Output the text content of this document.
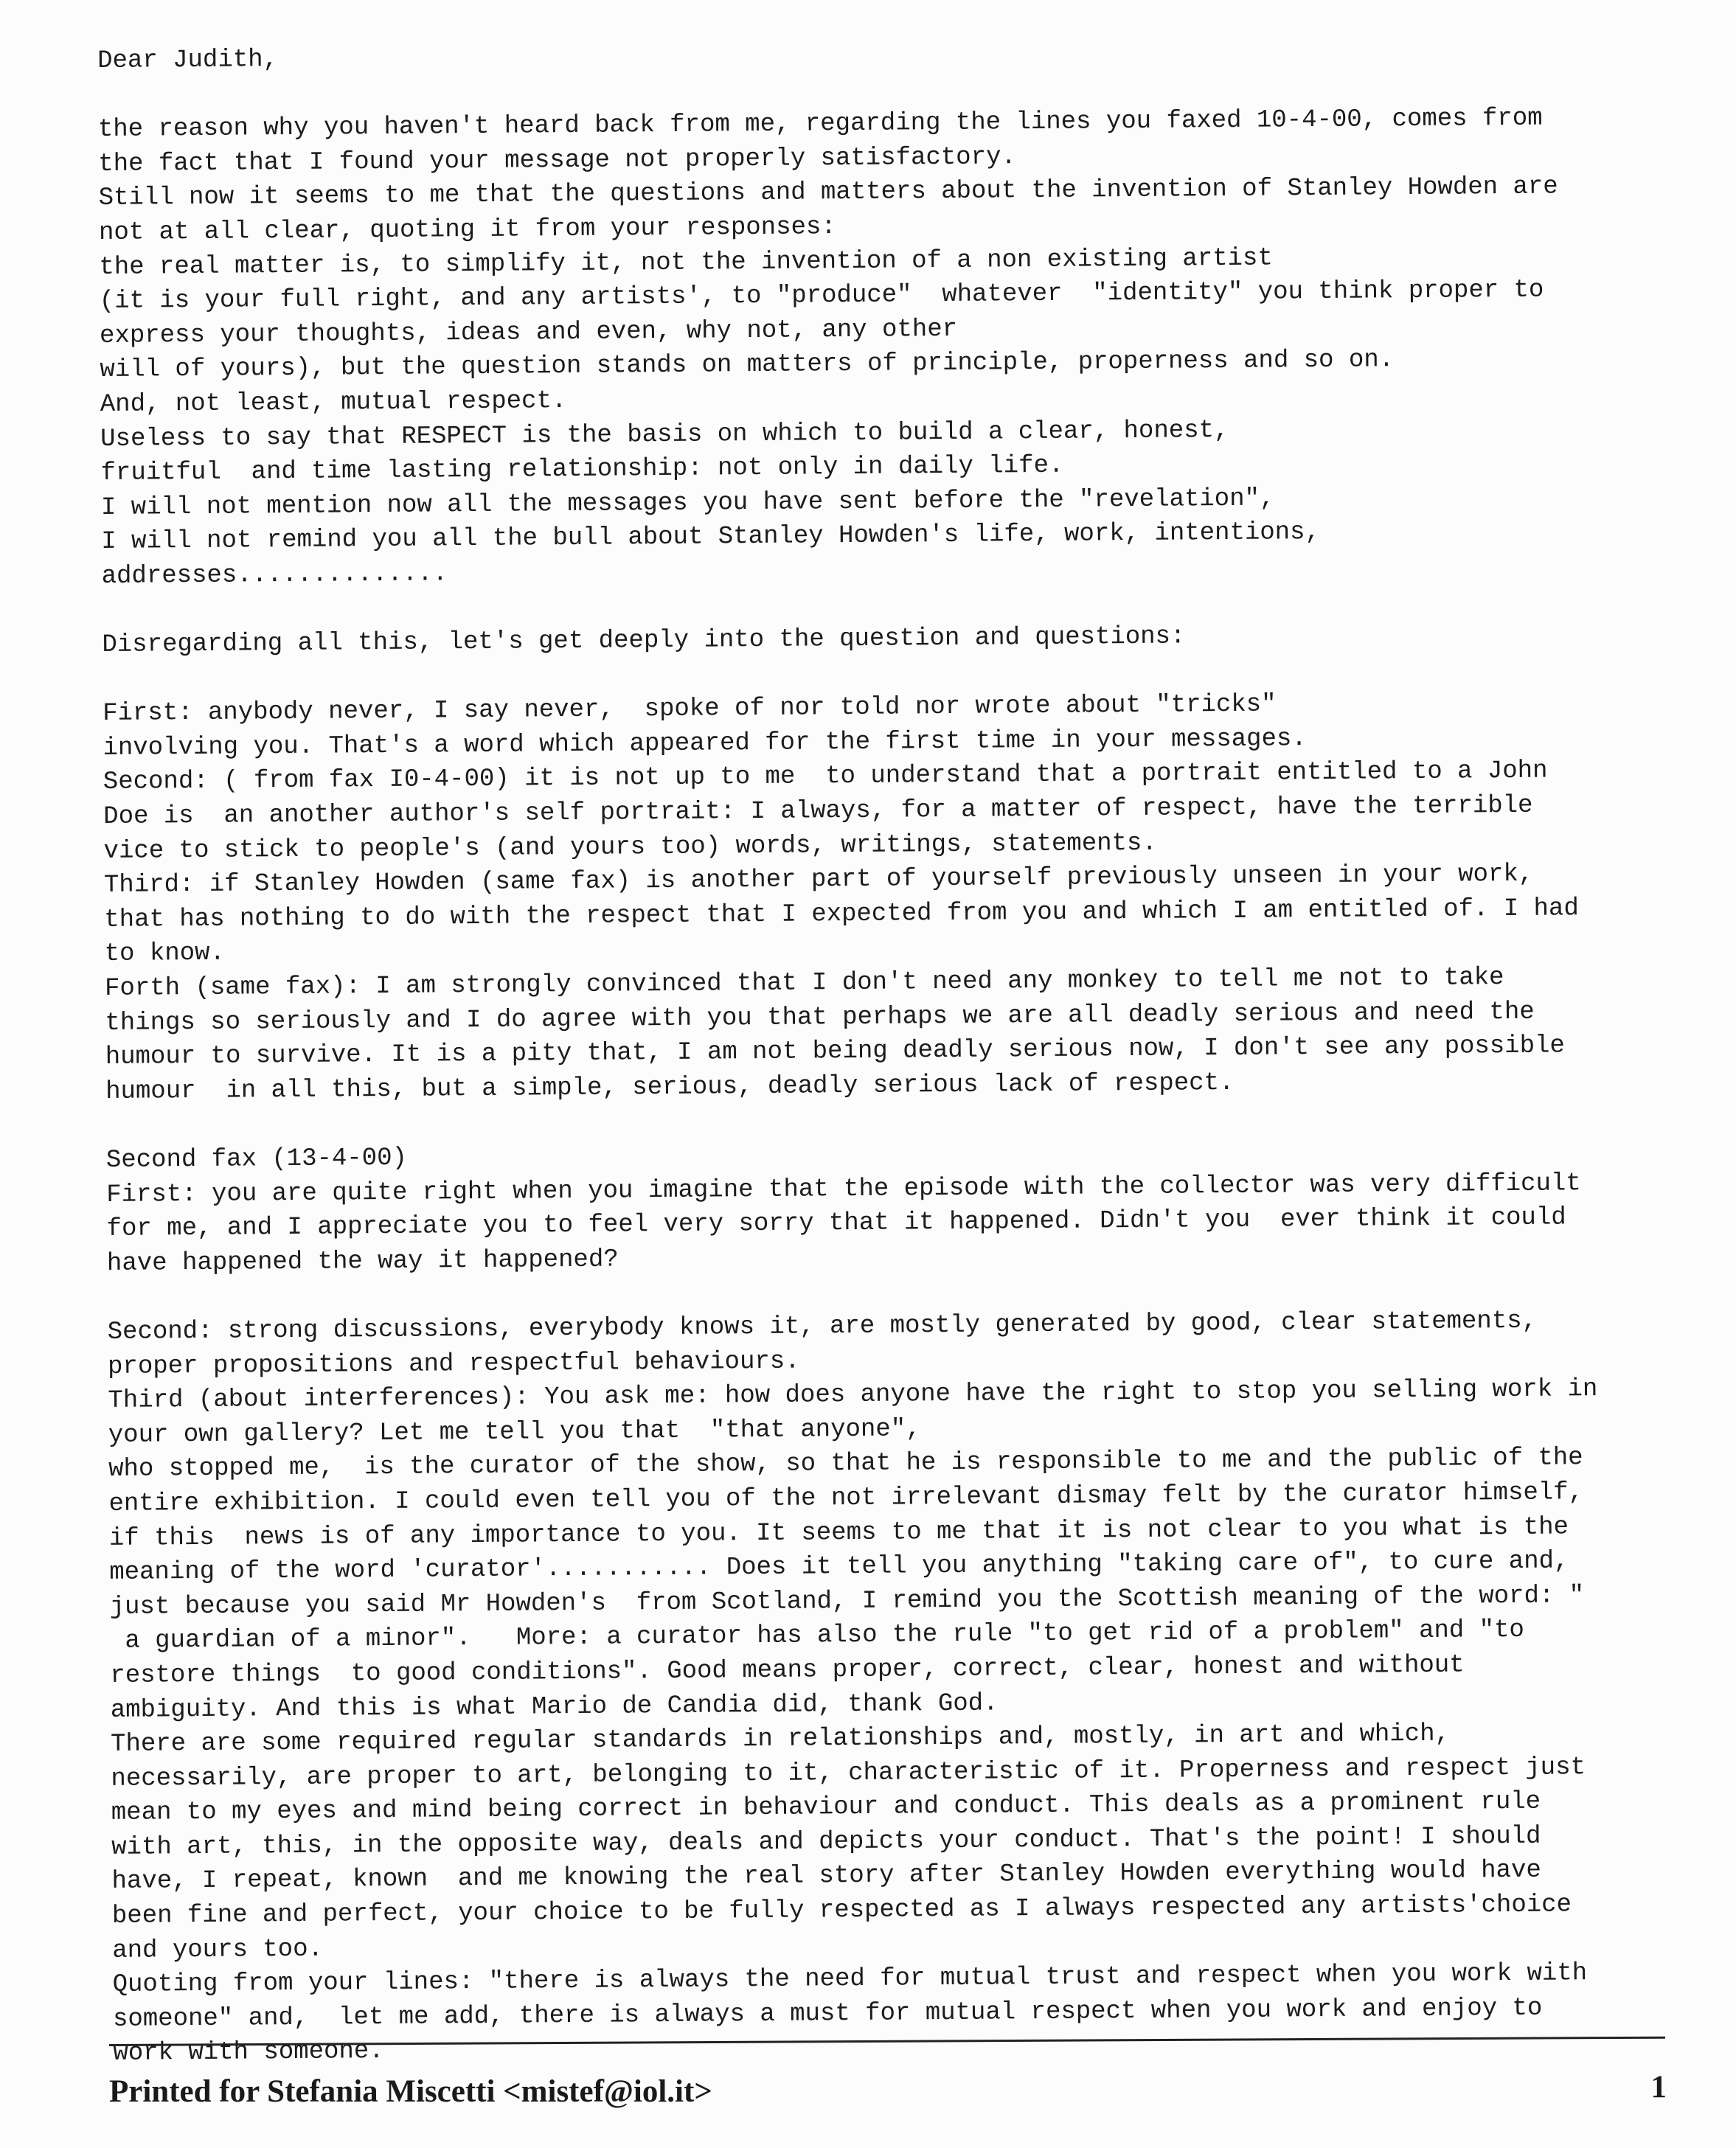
Dear Judith,
the reason why you haven't heard back from me, regarding the lines you faxed 10-4-00, comes from
the fact that I found your message not properly satisfactory.
Still now it seems to me that the questions and matters about the invention of Stanley Howden are
not at all clear, quoting it from your responses:
the real matter is, to simplify it, not the invention of a non existing artist
(it is your full right, and any artists', to "produce"  whatever  "identity" you think proper to
express your thoughts, ideas and even, why not, any other
will of yours), but the question stands on matters of principle, properness and so on.
And, not least, mutual respect.
Useless to say that RESPECT is the basis on which to build a clear, honest,
fruitful  and time lasting relationship: not only in daily life.
I will not mention now all the messages you have sent before the "revelation",
I will not remind you all the bull about Stanley Howden's life, work, intentions,
addresses..............
Disregarding all this, let's get deeply into the question and questions:
First: anybody never, I say never,  spoke of nor told nor wrote about "tricks"
involving you. That's a word which appeared for the first time in your messages.
Second: ( from fax I0-4-00) it is not up to me  to understand that a portrait entitled to a John
Doe is  an another author's self portrait: I always, for a matter of respect, have the terrible
vice to stick to people's (and yours too) words, writings, statements.
Third: if Stanley Howden (same fax) is another part of yourself previously unseen in your work,
that has nothing to do with the respect that I expected from you and which I am entitled of. I had
to know.
Forth (same fax): I am strongly convinced that I don't need any monkey to tell me not to take
things so seriously and I do agree with you that perhaps we are all deadly serious and need the
humour to survive. It is a pity that, I am not being deadly serious now, I don't see any possible
humour  in all this, but a simple, serious, deadly serious lack of respect.
Second fax (13-4-00)
First: you are quite right when you imagine that the episode with the collector was very difficult
for me, and I appreciate you to feel very sorry that it happened. Didn't you  ever think it could
have happened the way it happened?
Second: strong discussions, everybody knows it, are mostly generated by good, clear statements,
proper propositions and respectful behaviours.
Third (about interferences): You ask me: how does anyone have the right to stop you selling work in
your own gallery? Let me tell you that  "that anyone",
who stopped me,  is the curator of the show, so that he is responsible to me and the public of the
entire exhibition. I could even tell you of the not irrelevant dismay felt by the curator himself,
if this  news is of any importance to you. It seems to me that it is not clear to you what is the
meaning of the word 'curator'........... Does it tell you anything "taking care of", to cure and,
just because you said Mr Howden's  from Scotland, I remind you the Scottish meaning of the word: "
a guardian of a minor".   More: a curator has also the rule "to get rid of a problem" and "to
restore things  to good conditions". Good means proper, correct, clear, honest and without
ambiguity. And this is what Mario de Candia did, thank God.
There are some required regular standards in relationships and, mostly, in art and which,
necessarily, are proper to art, belonging to it, characteristic of it. Properness and respect just
mean to my eyes and mind being correct in behaviour and conduct. This deals as a prominent rule
with art, this, in the opposite way, deals and depicts your conduct. That's the point! I should
have, I repeat, known  and me knowing the real story after Stanley Howden everything would have
been fine and perfect, your choice to be fully respected as I always respected any artists'choice
and yours too.
Quoting from your lines: "there is always the need for mutual trust and respect when you work with
someone" and,  let me add, there is always a must for mutual respect when you work and enjoy to
work with someone.
Printed for Stefania Miscetti <mistef@iol.it>	1
